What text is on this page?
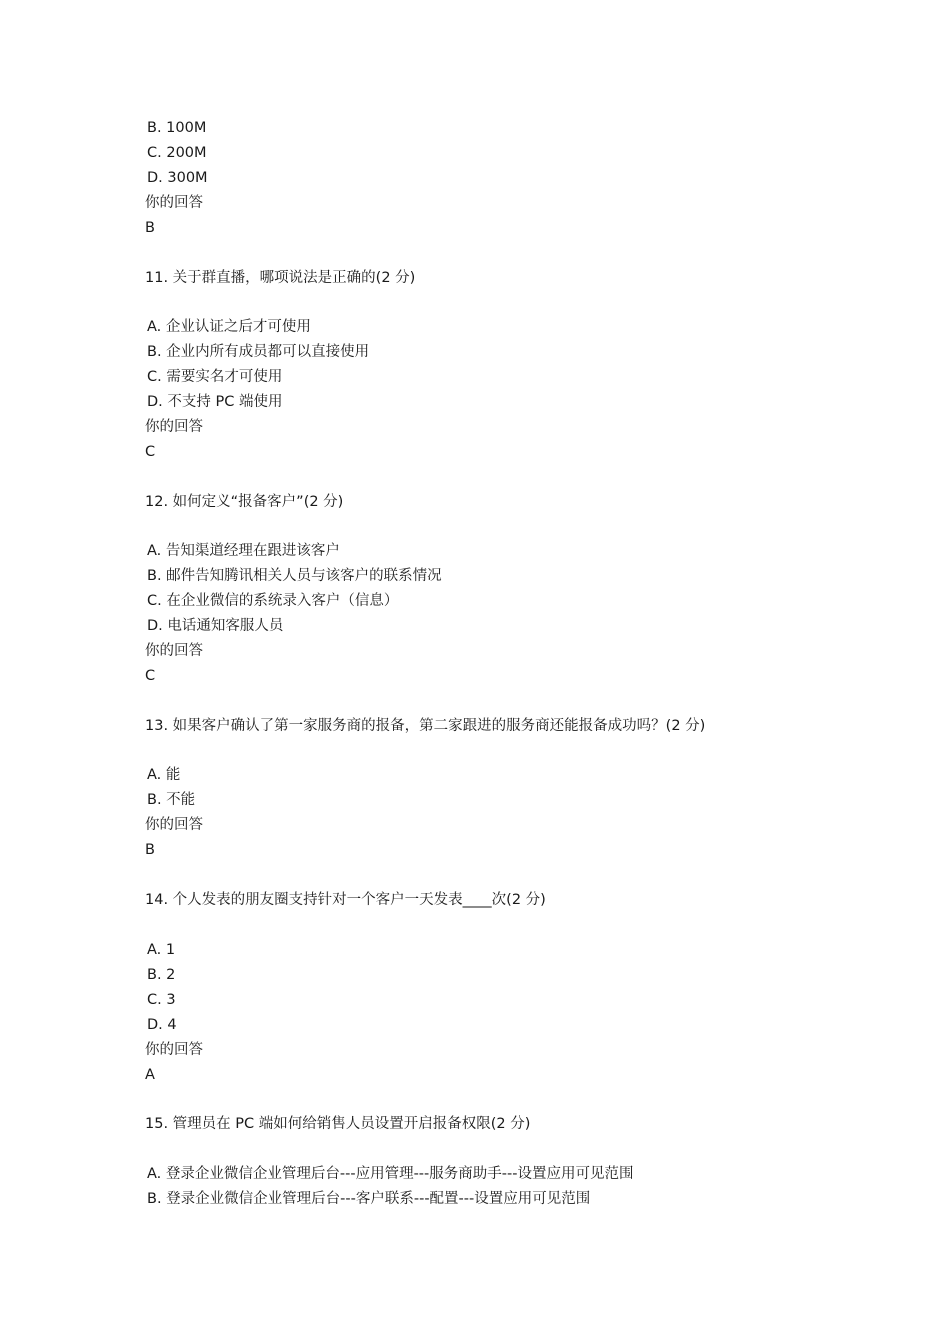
B. 100M

C. 200M

D. 300M

你的回答

B

11. 关于群直播，哪项说法是正确的(2 分)

A. 企业认证之后才可使用

B. 企业内所有成员都可以直接使用

C. 需要实名才可使用

D. 不支持 PC 端使用

你的回答

C

12. 如何定义“报备客户”(2 分)

A. 告知渠道经理在跟进该客户

B. 邮件告知腾讯相关人员与该客户的联系情况

C. 在企业微信的系统录入客户（信息）

D. 电话通知客服人员

你的回答

C

13. 如果客户确认了第一家服务商的报备，第二家跟进的服务商还能报备成功吗？(2 分)

A. 能

B. 不能

你的回答

B

14. 个人发表的朋友圈支持针对一个客户一天发表____次(2 分)

A. 1

B. 2

C. 3

D. 4

你的回答

A

15. 管理员在 PC 端如何给销售人员设置开启报备权限(2 分)

A. 登录企业微信企业管理后台---应用管理---服务商助手---设置应用可见范围

B. 登录企业微信企业管理后台---客户联系---配置---设置应用可见范围
